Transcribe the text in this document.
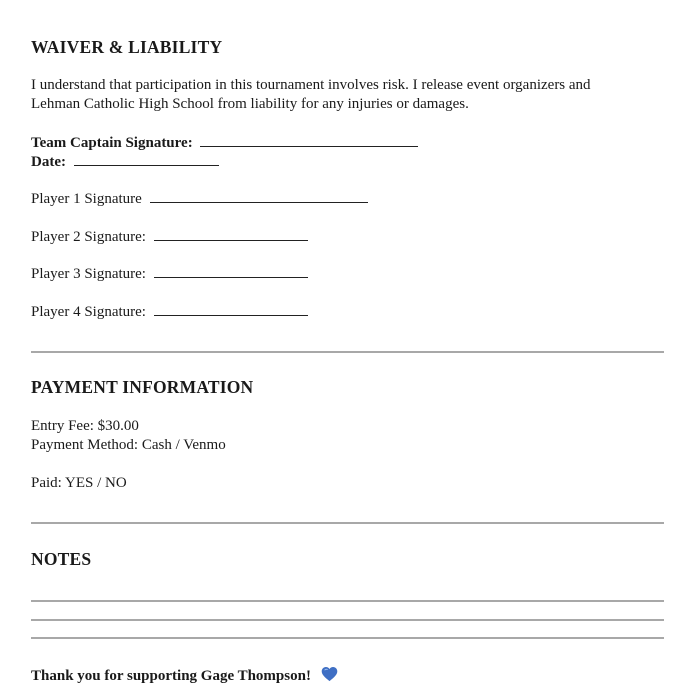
WAIVER & LIABILITY
I understand that participation in this tournament involves risk. I release event organizers and
Lehman Catholic High School from liability for any injuries or damages.
Team Captain Signature:
Date:
Player 1 Signature
Player 2 Signature:
Player 3 Signature:
Player 4 Signature:
PAYMENT INFORMATION
Entry Fee: $30.00
Payment Method: Cash / Venmo
Paid: YES / NO
NOTES
Thank you for supporting Gage Thompson!
